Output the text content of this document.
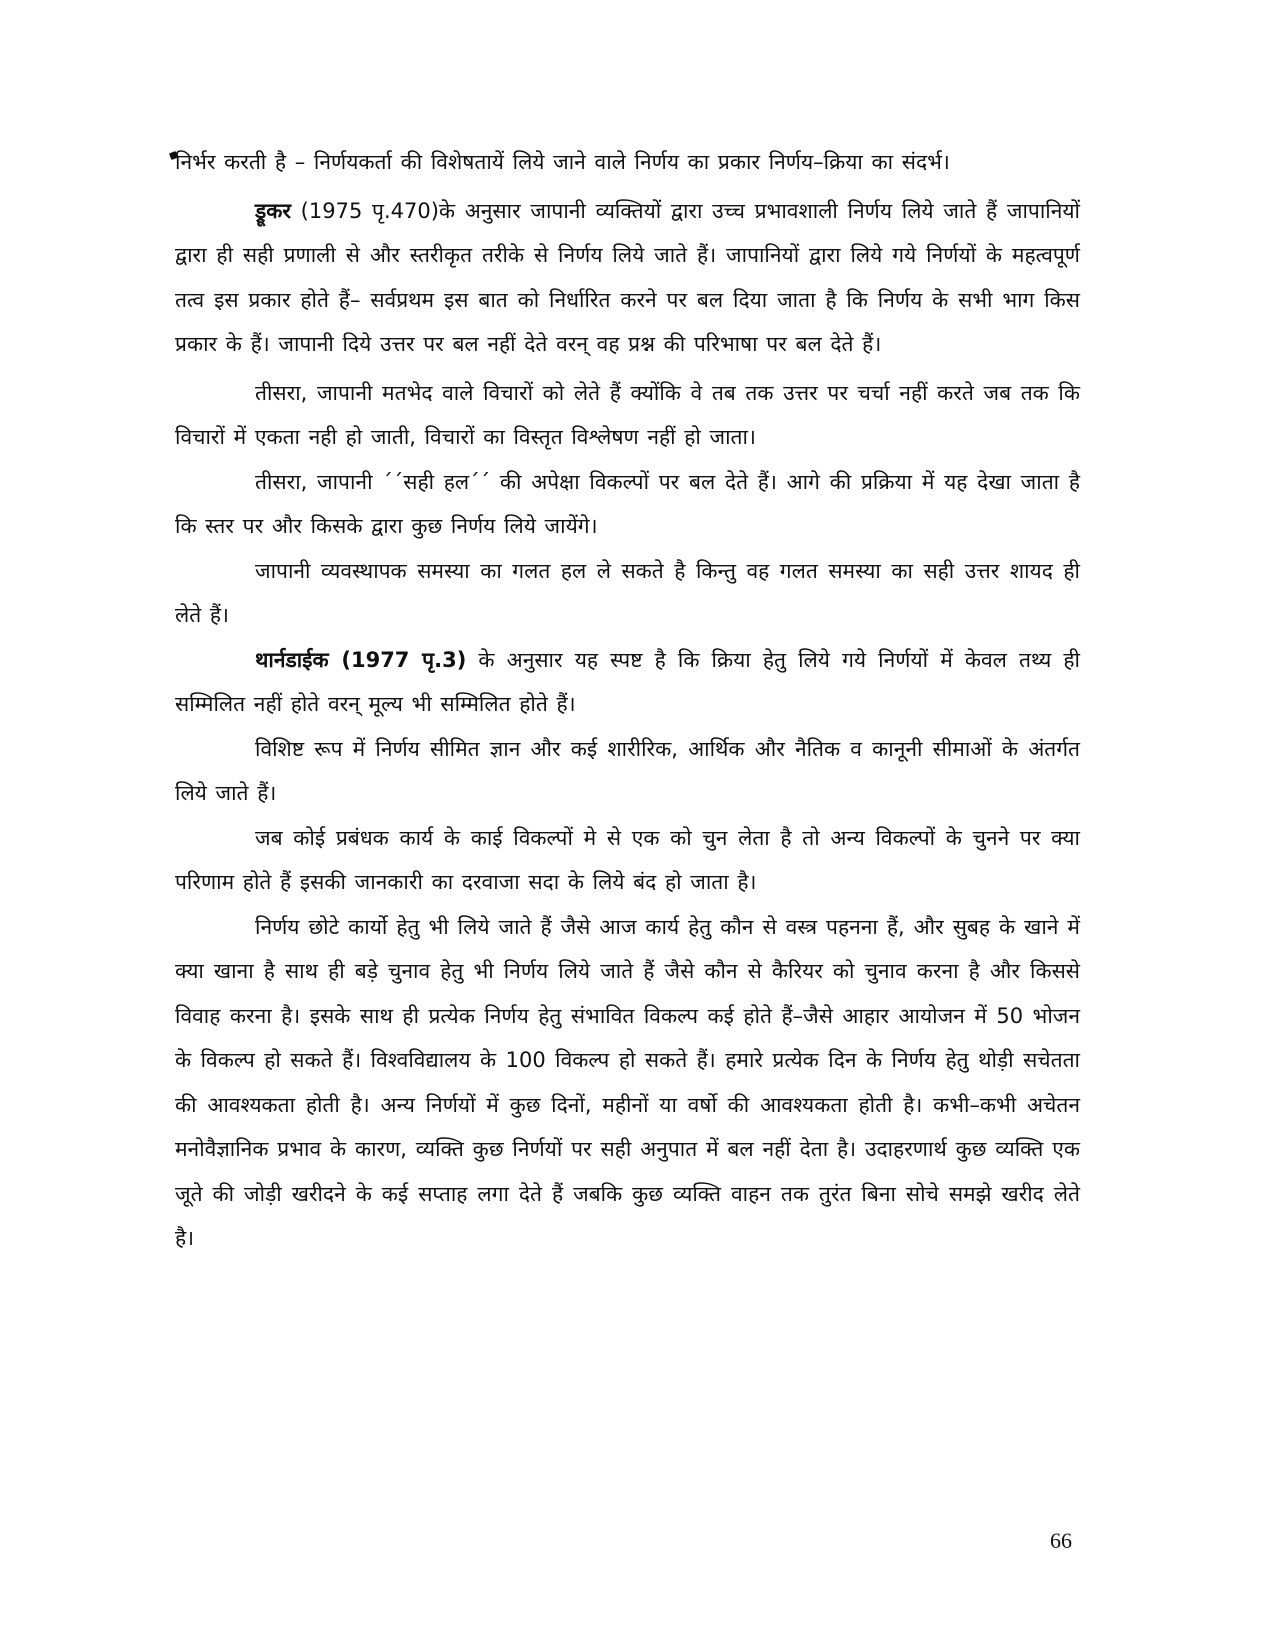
निर्भर करती है – निर्णयकर्ता की विशेषतायें लिये जाने वाले निर्णय का प्रकार निर्णय–क्रिया का संदर्भ।

ड्रूकर (1975 पृ.470)के अनुसार जापानी व्यक्तियों द्वारा उच्च प्रभावशाली निर्णय लिये जाते हैं जापानियों द्वारा ही सही प्रणाली से और स्तरीकृत तरीके से निर्णय लिये जाते हैं। जापानियों द्वारा लिये गये निर्णयों के महत्वपूर्ण तत्व इस प्रकार होते हैं– सर्वप्रथम इस बात को निर्धारित करने पर बल दिया जाता है कि निर्णय के सभी भाग किस प्रकार के हैं। जापानी दिये उत्तर पर बल नहीं देते वरन् वह प्रश्न की परिभाषा पर बल देते हैं।

तीसरा, जापानी मतभेद वाले विचारों को लेते हैं क्योंकि वे तब तक उत्तर पर चर्चा नहीं करते जब तक कि विचारों में एकता नही हो जाती, विचारों का विस्तृत विश्लेषण नहीं हो जाता।

तीसरा, जापानी ´´सही हल´´ की अपेक्षा विकल्पों पर बल देते हैं। आगे की प्रक्रिया में यह देखा जाता है कि स्तर पर और किसके द्वारा कुछ निर्णय लिये जायेंगे।

जापानी व्यवस्थापक समस्या का गलत हल ले सकते है किन्तु वह गलत समस्या का सही उत्तर शायद ही लेते हैं।

थार्नडाईक (1977 पृ.3) के अनुसार यह स्पष्ट है कि क्रिया हेतु लिये गये निर्णयों में केवल तथ्य ही सम्मिलित नहीं होते वरन् मूल्य भी सम्मिलित होते हैं।

विशिष्ट रूप में निर्णय सीमित ज्ञान और कई शारीरिक, आर्थिक और नैतिक व कानूनी सीमाओं के अंतर्गत लिये जाते हैं।

जब कोई प्रबंधक कार्य के काई विकल्पों मे से एक को चुन लेता है तो अन्य विकल्पों के चुनने पर क्या परिणाम होते हैं इसकी जानकारी का दरवाजा सदा के लिये बंद हो जाता है।

निर्णय छोटे कार्यो हेतु भी लिये जाते हैं जैसे आज कार्य हेतु कौन से वस्त्र पहनना हैं, और सुबह के खाने में क्या खाना है साथ ही बड़े चुनाव हेतु भी निर्णय लिये जाते हैं जैसे कौन से कैरियर को चुनाव करना है और किससे विवाह करना है। इसके साथ ही प्रत्येक निर्णय हेतु संभावित विकल्प कई होते हैं–जैसे आहार आयोजन में 50 भोजन के विकल्प हो सकते हैं। विश्वविद्यालय के 100 विकल्प हो सकते हैं। हमारे प्रत्येक दिन के निर्णय हेतु थोड़ी सचेतता की आवश्यकता होती है। अन्य निर्णयों में कुछ दिनों, महीनों या वर्षो की आवश्यकता होती है। कभी–कभी अचेतन मनोवैज्ञानिक प्रभाव के कारण, व्यक्ति कुछ निर्णयों पर सही अनुपात में बल नहीं देता है। उदाहरणार्थ कुछ व्यक्ति एक जूते की जोड़ी खरीदने के कई सप्ताह लगा देते हैं जबकि कुछ व्यक्ति वाहन तक तुरंत बिना सोचे समझे खरीद लेते है।

66
